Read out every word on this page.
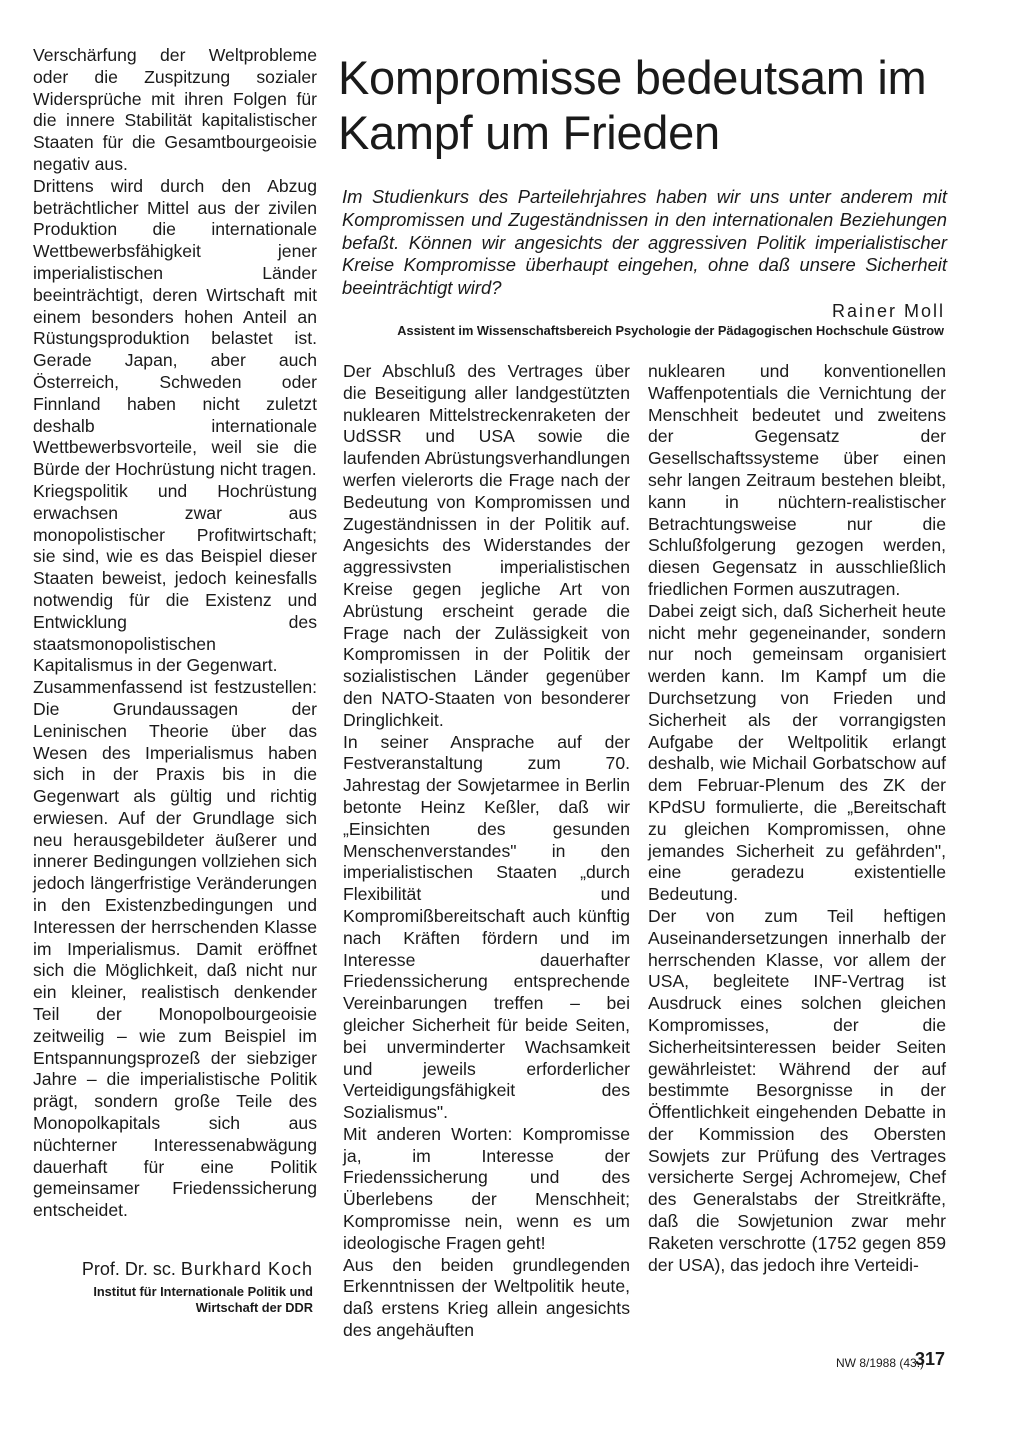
Verschärfung der Weltprobleme oder die Zuspitzung sozialer Widersprüche mit ihren Folgen für die innere Stabilität kapitalistischer Staaten für die Gesamtbourgeoisie negativ aus.

Drittens wird durch den Abzug beträchtlicher Mittel aus der zivilen Produktion die internationale Wettbewerbsfähigkeit jener imperialistischen Länder beeinträchtigt, deren Wirtschaft mit einem besonders hohen Anteil an Rüstungsproduktion belastet ist. Gerade Japan, aber auch Österreich, Schweden oder Finnland haben nicht zuletzt deshalb internationale Wettbewerbsvorteile, weil sie die Bürde der Hochrüstung nicht tragen.

Kriegspolitik und Hochrüstung erwachsen zwar aus monopolistischer Profitwirtschaft; sie sind, wie es das Beispiel dieser Staaten beweist, jedoch keinesfalls notwendig für die Existenz und Entwicklung des staatsmonopolistischen Kapitalismus in der Gegenwart.

Zusammenfassend ist festzustellen: Die Grundaussagen der Leninischen Theorie über das Wesen des Imperialismus haben sich in der Praxis bis in die Gegenwart als gültig und richtig erwiesen. Auf der Grundlage sich neu herausgebildeter äußerer und innerer Bedingungen vollziehen sich jedoch längerfristige Veränderungen in den Existenzbedingungen und Interessen der herrschenden Klasse im Imperialismus. Damit eröffnet sich die Möglichkeit, daß nicht nur ein kleiner, realistisch denkender Teil der Monopolbourgeoisie zeitweilig – wie zum Beispiel im Entspannungsprozeß der siebziger Jahre – die imperialistische Politik prägt, sondern große Teile des Monopolkapitals sich aus nüchterner Interessenabwägung dauerhaft für eine Politik gemeinsamer Friedenssicherung entscheidet.

Prof. Dr. sc. Burkhard Koch

Institut für Internationale Politik und Wirtschaft der DDR

Kompromisse bedeutsam im Kampf um Frieden

Im Studienkurs des Parteilehrjahres haben wir uns unter anderem mit Kompromissen und Zugeständnissen in den internationalen Beziehungen befaßt. Können wir angesichts der aggressiven Politik imperialistischer Kreise Kompromisse überhaupt eingehen, ohne daß unsere Sicherheit beeinträchtigt wird?

Rainer Moll

Assistent im Wissenschaftsbereich Psychologie der Pädagogischen Hochschule Güstrow

Der Abschluß des Vertrages über die Beseitigung aller landgestützten nuklearen Mittelstreckenraketen der UdSSR und USA sowie die laufenden Abrüstungsverhandlungen werfen vielerorts die Frage nach der Bedeutung von Kompromissen und Zugeständnissen in der Politik auf. Angesichts des Widerstandes der aggressivsten imperialistischen Kreise gegen jegliche Art von Abrüstung erscheint gerade die Frage nach der Zulässigkeit von Kompromissen in der Politik der sozialistischen Länder gegenüber den NATO-Staaten von besonderer Dringlichkeit.

In seiner Ansprache auf der Festveranstaltung zum 70. Jahrestag der Sowjetarmee in Berlin betonte Heinz Keßler, daß wir „Einsichten des gesunden Menschenverstandes" in den imperialistischen Staaten „durch Flexibilität und Kompromißbereitschaft auch künftig nach Kräften fördern und im Interesse dauerhafter Friedenssicherung entsprechende Vereinbarungen treffen – bei gleicher Sicherheit für beide Seiten, bei unverminderter Wachsamkeit und jeweils erforderlicher Verteidigungsfähigkeit des Sozialismus".

Mit anderen Worten: Kompromisse ja, im Interesse der Friedenssicherung und des Überlebens der Menschheit; Kompromisse nein, wenn es um ideologische Fragen geht!

Aus den beiden grundlegenden Erkenntnissen der Weltpolitik heute, daß erstens Krieg allein angesichts des angehäuften

nuklearen und konventionellen Waffenpotentials die Vernichtung der Menschheit bedeutet und zweitens der Gegensatz der Gesellschaftssysteme über einen sehr langen Zeitraum bestehen bleibt, kann in nüchtern-realistischer Betrachtungsweise nur die Schlußfolgerung gezogen werden, diesen Gegensatz in ausschließlich friedlichen Formen auszutragen.

Dabei zeigt sich, daß Sicherheit heute nicht mehr gegeneinander, sondern nur noch gemeinsam organisiert werden kann. Im Kampf um die Durchsetzung von Frieden und Sicherheit als der vorrangigsten Aufgabe der Weltpolitik erlangt deshalb, wie Michail Gorbatschow auf dem Februar-Plenum des ZK der KPdSU formulierte, die „Bereitschaft zu gleichen Kompromissen, ohne jemandes Sicherheit zu gefährden", eine geradezu existentielle Bedeutung.

Der von zum Teil heftigen Auseinandersetzungen innerhalb der herrschenden Klasse, vor allem der USA, begleitete INF-Vertrag ist Ausdruck eines solchen gleichen Kompromisses, der die Sicherheitsinteressen beider Seiten gewährleistet: Während der auf bestimmte Besorgnisse in der Öffentlichkeit eingehenden Debatte in der Kommission des Obersten Sowjets zur Prüfung des Vertrages versicherte Sergej Achromejew, Chef des Generalstabs der Streitkräfte, daß die Sowjetunion zwar mehr Raketen verschrotte (1752 gegen 859 der USA), das jedoch ihre Verteidi-

NW 8/1988 (43.)

317
